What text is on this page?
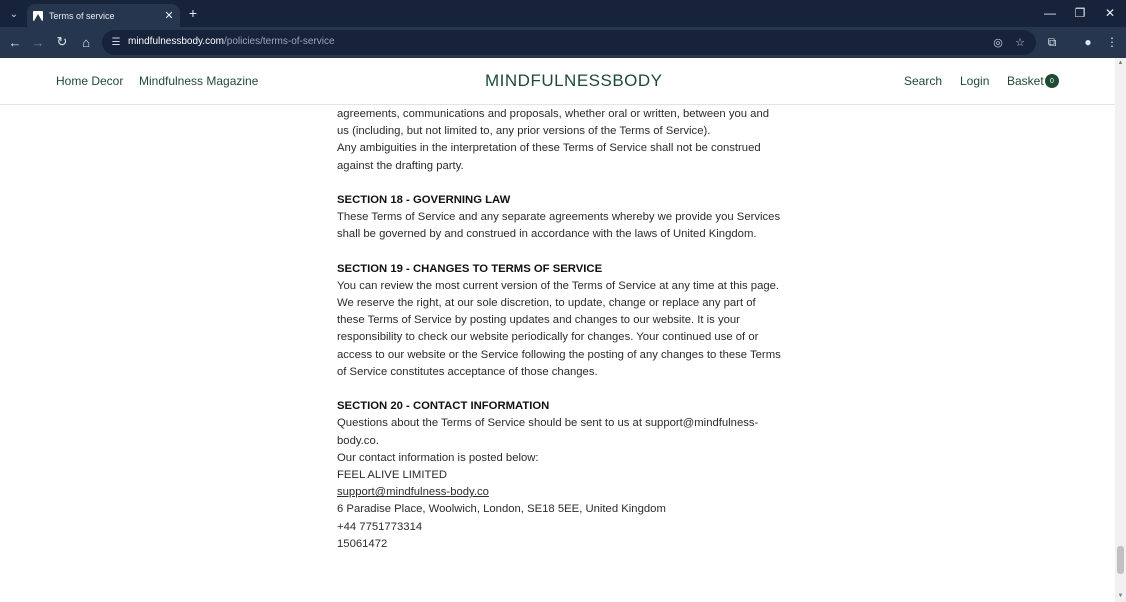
⌄	Terms of service	✕ +	—	❐	✕
← → ↻	⌂	☰ mindfulnessbody.com/policies/terms-of-service	◎ ☆	⧉	●	⋮
Home Decor Mindfulness Magazine	MINDFULNESSBODY	Search Login Basket 0
agreements, communications and proposals, whether oral or written, between you and
us (including, but not limited to, any prior versions of the Terms of Service).
Any ambiguities in the interpretation of these Terms of Service shall not be construed
against the drafting party.
SECTION 18 - GOVERNING LAW
These Terms of Service and any separate agreements whereby we provide you Services
shall be governed by and construed in accordance with the laws of United Kingdom.
SECTION 19 - CHANGES TO TERMS OF SERVICE
You can review the most current version of the Terms of Service at any time at this page.
We reserve the right, at our sole discretion, to update, change or replace any part of
these Terms of Service by posting updates and changes to our website. It is your
responsibility to check our website periodically for changes. Your continued use of or
access to our website or the Service following the posting of any changes to these Terms
of Service constitutes acceptance of those changes.
SECTION 20 - CONTACT INFORMATION
Questions about the Terms of Service should be sent to us at support@mindfulness-
body.co.
Our contact information is posted below:
FEEL ALIVE LIMITED
support@mindfulness-body.co
6 Paradise Place, Woolwich, London, SE18 5EE, United Kingdom
+44 7751773314
15061472
▲
▼
